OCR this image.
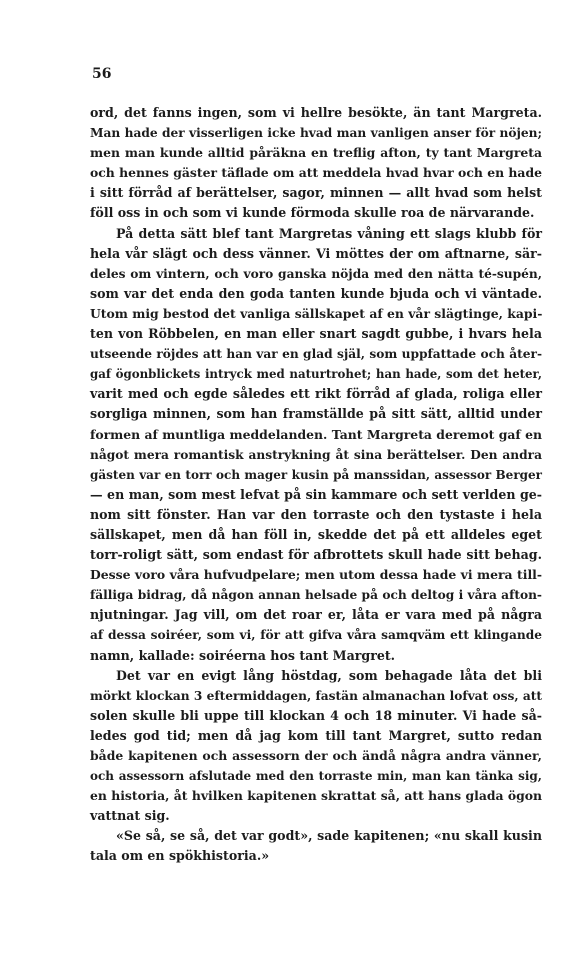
56
ord, det fanns ingen, som vi hellre besökte, än tant Margreta.
Man hade der visserligen icke hvad man vanligen anser för nöjen;
men man kunde alltid påräkna en treflig afton, ty tant Margreta
och hennes gäster täflade om att meddela hvad hvar och en hade
i sitt förråd af berättelser, sagor, minnen — allt hvad som helst
föll oss in och som vi kunde förmoda skulle roa de närvarande.
På detta sätt blef tant Margretas våning ett slags klubb för
hela vår slägt och dess vänner. Vi möttes der om aftnarne, sär-
deles om vintern, och voro ganska nöjda med den nätta té-supén,
som var det enda den goda tanten kunde bjuda och vi väntade.
Utom mig bestod det vanliga sällskapet af en vår slägtinge, kapi-
ten von Röbbelen, en man eller snart sagdt gubbe, i hvars hela
utseende röjdes att han var en glad själ, som uppfattade och åter-
gaf ögonblickets intryck med naturtrohet; han hade, som det heter,
varit med och egde således ett rikt förråd af glada, roliga eller
sorgliga minnen, som han framställde på sitt sätt, alltid under
formen af muntliga meddelanden. Tant Margreta deremot gaf en
något mera romantisk anstrykning åt sina berättelser. Den andra
gästen var en torr och mager kusin på manssidan, assessor Berger
— en man, som mest lefvat på sin kammare och sett verlden ge-
nom sitt fönster. Han var den torraste och den tystaste i hela
sällskapet, men då han föll in, skedde det på ett alldeles eget
torr-roligt sätt, som endast för afbrottets skull hade sitt behag.
Desse voro våra hufvudpelare; men utom dessa hade vi mera till-
fälliga bidrag, då någon annan helsade på och deltog i våra afton-
njutningar. Jag vill, om det roar er, låta er vara med på några
af dessa soiréer, som vi, för att gifva våra samqväm ett klingande
namn, kallade: soiréerna hos tant Margret.
Det var en evigt lång höstdag, som behagade låta det bli
mörkt klockan 3 eftermiddagen, fastän almanachan lofvat oss, att
solen skulle bli uppe till klockan 4 och 18 minuter. Vi hade så-
ledes god tid; men då jag kom till tant Margret, sutto redan
både kapitenen och assessorn der och ändå några andra vänner,
och assessorn afslutade med den torraste min, man kan tänka sig,
en historia, åt hvilken kapitenen skrattat så, att hans glada ögon
vattnat sig.
«Se så, se så, det var godt», sade kapitenen; «nu skall kusin
tala om en spökhistoria.»
